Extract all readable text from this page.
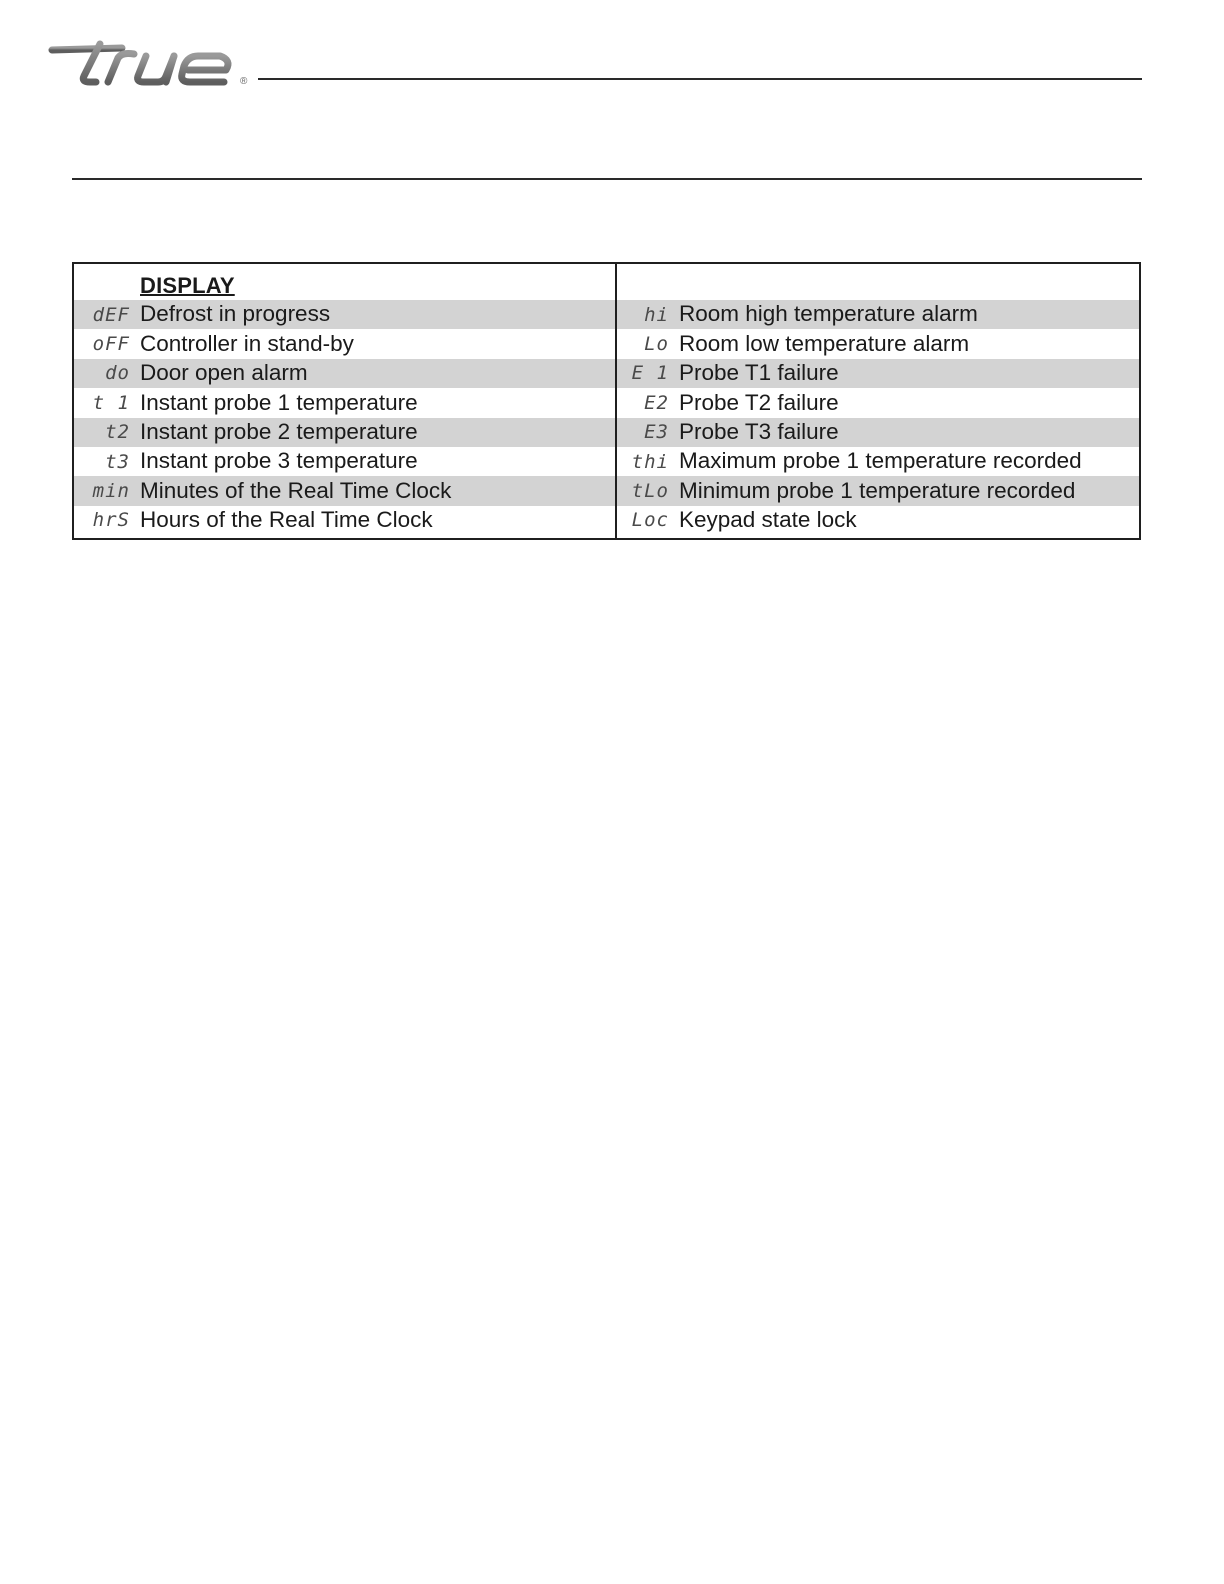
®
DISPLAY
dEF Defrost in progress
oFF Controller in stand-by
do Door open alarm
t 1 Instant probe 1 temperature
t2 Instant probe 2 temperature
t3 Instant probe 3 temperature
min Minutes of the Real Time Clock
hrS Hours of the Real Time Clock
hi Room high temperature alarm
Lo Room low temperature alarm
E 1 Probe T1 failure
E2 Probe T2 failure
E3 Probe T3 failure
thi Maximum probe 1 temperature recorded
tLo Minimum probe 1 temperature recorded
Loc Keypad state lock
